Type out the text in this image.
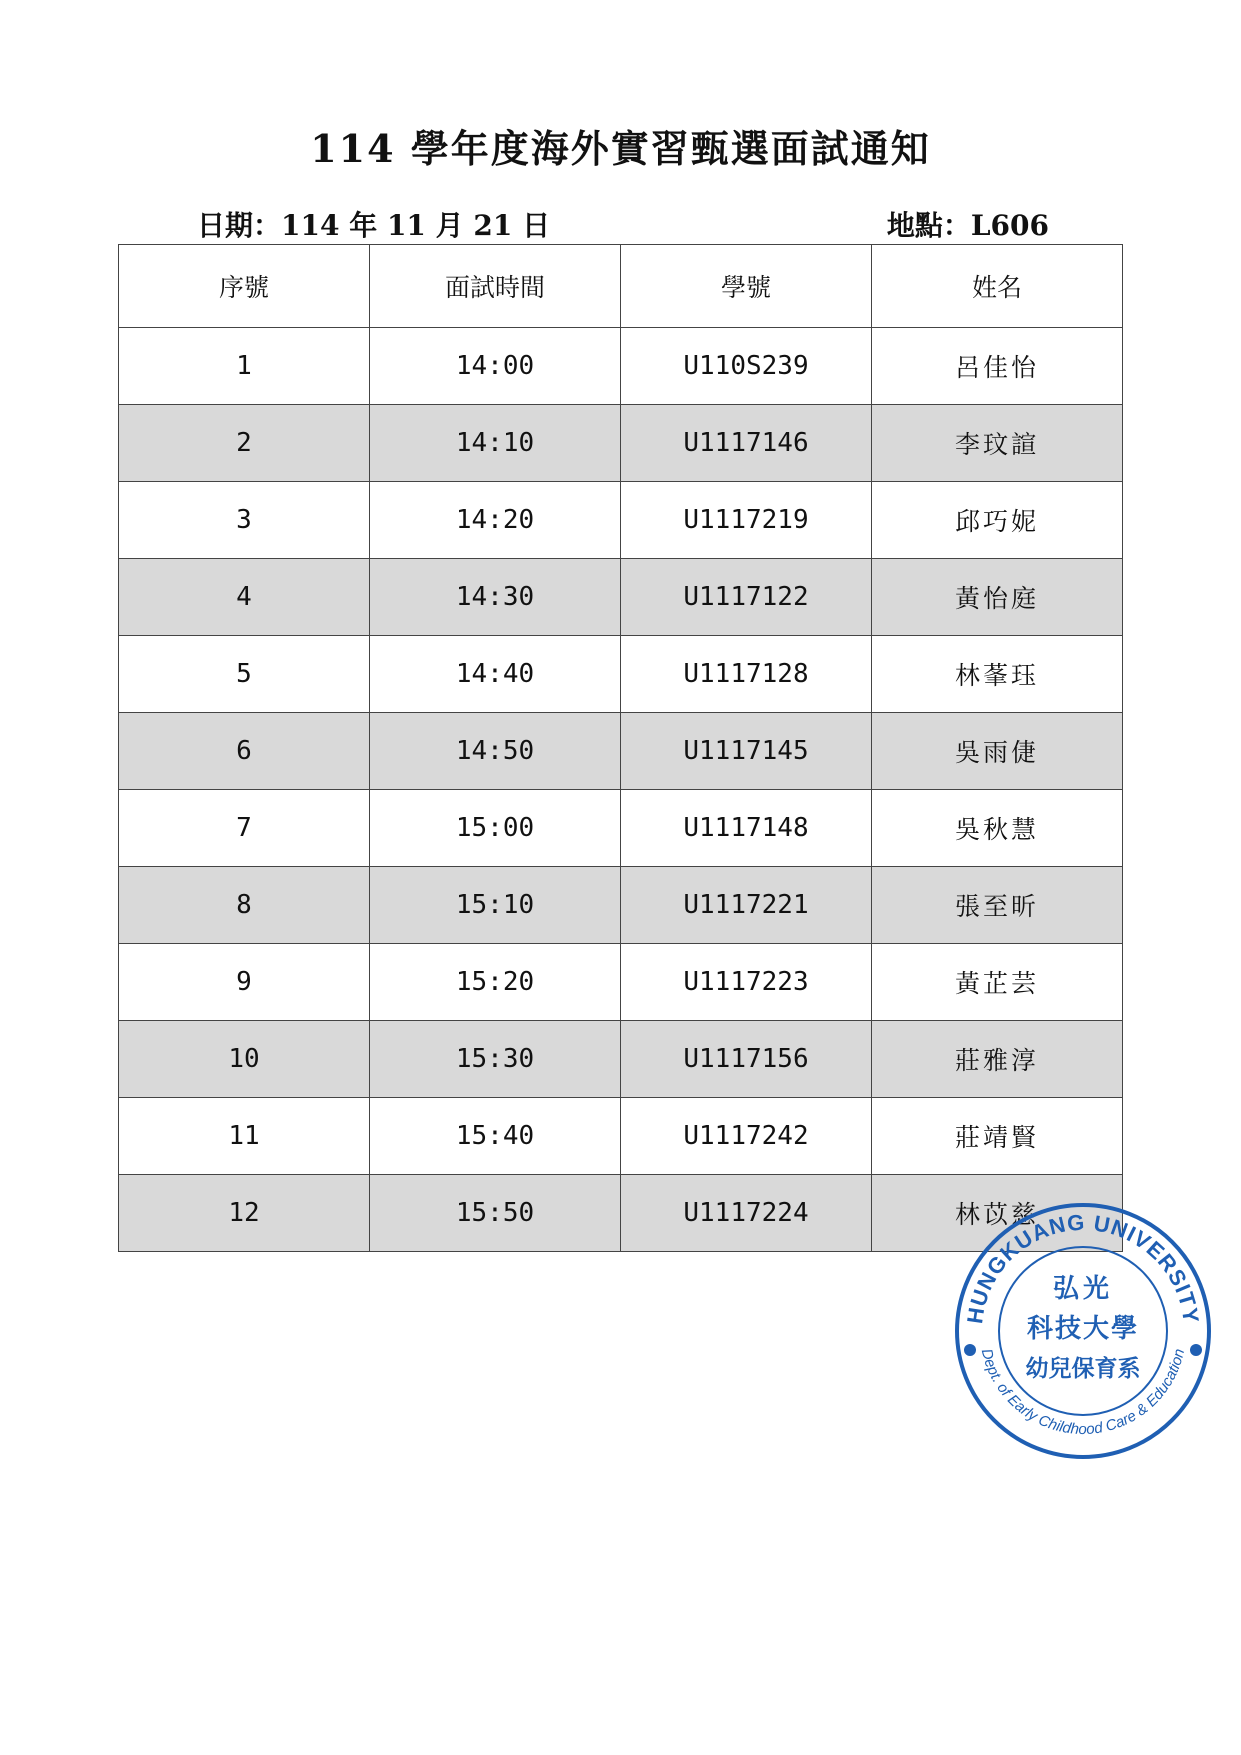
114 學年度海外實習甄選面試通知
日期：114 年 11 月 21 日	地點：L606
序號	面試時間	學號	姓名
1	14:00	U110S239	呂佳怡
2	14:10	U1117146	李玟諠
3	14:20	U1117219	邱巧妮
4	14:30	U1117122	黃怡庭
5	14:40	U1117128	林莑珏
6	14:50	U1117145	吳雨倢
7	15:00	U1117148	吳秋慧
8	15:10	U1117221	張至昕
9	15:20	U1117223	黃芷芸
10	15:30	U1117156	莊雅淳
11	15:40	U1117242	莊靖賢
12	15:50	U1117224	林苡慈
HUNGKUANG UNIVERSITY
Dept. of Early Childhood Care & Education
弘光
科技大學
幼兒保育系
